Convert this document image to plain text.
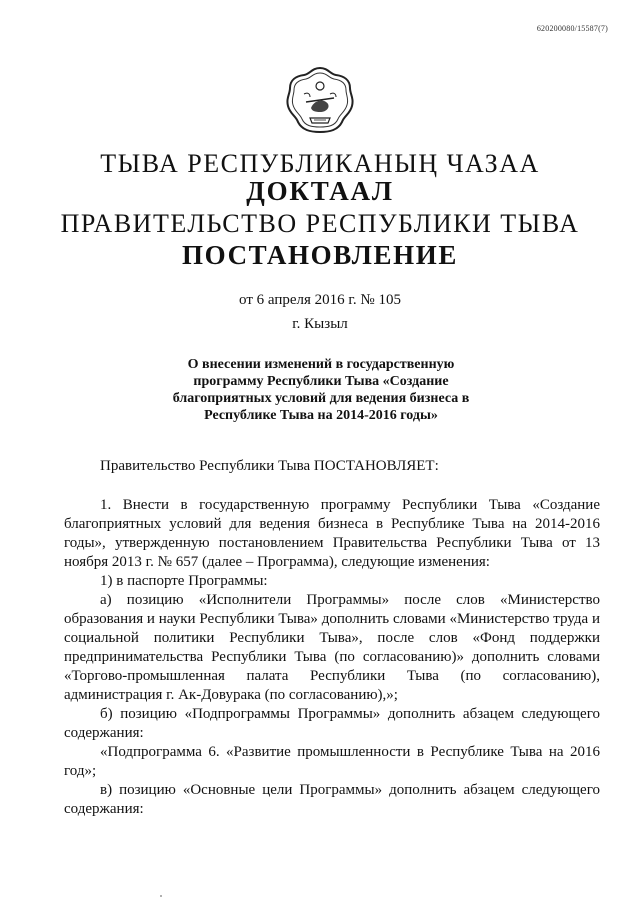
620200080/15587(7)
ТЫВА РЕСПУБЛИКАНЫҢ ЧАЗАА
ДОКТААЛ
ПРАВИТЕЛЬСТВО РЕСПУБЛИКИ ТЫВА
ПОСТАНОВЛЕНИЕ
от 6 апреля 2016 г. № 105
г. Кызыл
О внесении изменений в государственную программу Республики Тыва «Создание благоприятных условий для ведения бизнеса в Республике Тыва на 2014-2016 годы»

Правительство Республики Тыва ПОСТАНОВЛЯЕТ:

1. Внести в государственную программу Республики Тыва «Создание благоприятных условий для ведения бизнеса в Республике Тыва на 2014-2016 годы», утвержденную постановлением Правительства Республики Тыва от 13 ноября 2013 г. № 657 (далее – Программа), следующие изменения:

1) в паспорте Программы:

а) позицию «Исполнители Программы» после слов «Министерство образования и науки Республики Тыва» дополнить словами «Министерство труда и социальной политики Республики Тыва», после слов «Фонд поддержки предпринимательства Республики Тыва (по согласованию)» дополнить словами «Торгово-промышленная палата Республики Тыва (по согласованию), администрация г. Ак-Довурака (по согласованию),»;

б) позицию «Подпрограммы Программы» дополнить абзацем следующего содержания:

«Подпрограмма 6. «Развитие промышленности в Республике Тыва на 2016 год»;

в) позицию «Основные цели Программы» дополнить абзацем следующего содержания:
